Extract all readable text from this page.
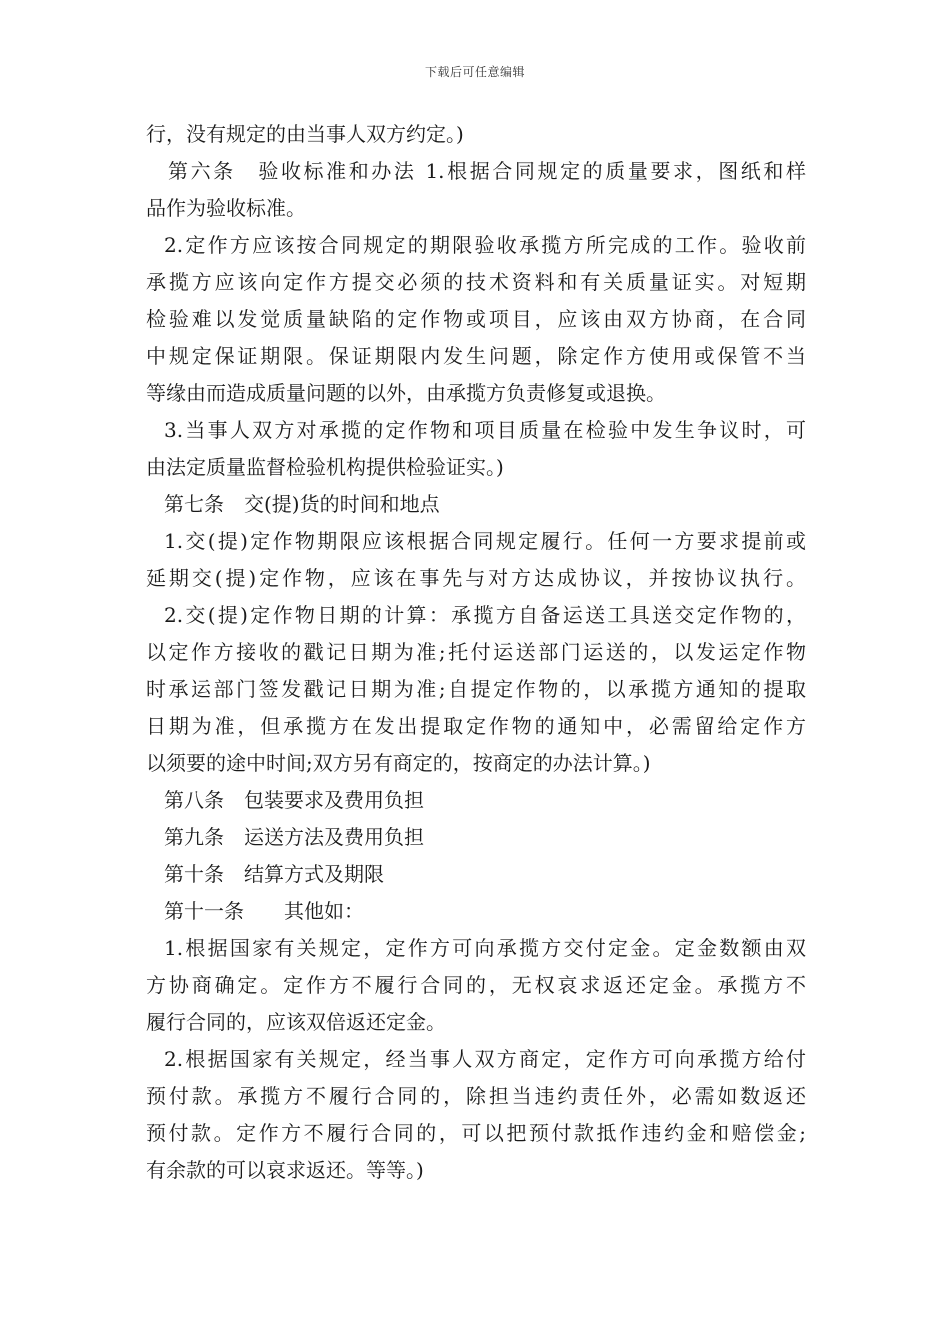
下载后可任意编辑
行，没有规定的由当事人双方约定。)
第六条　验收标准和办法 1.根据合同规定的质量要求，图纸和样
品作为验收标准。
2.定作方应该按合同规定的期限验收承揽方所完成的工作。验收前
承揽方应该向定作方提交必须的技术资料和有关质量证实。对短期
检验难以发觉质量缺陷的定作物或项目，应该由双方协商，在合同
中规定保证期限。保证期限内发生问题，除定作方使用或保管不当
等缘由而造成质量问题的以外，由承揽方负责修复或退换。
3.当事人双方对承揽的定作物和项目质量在检验中发生争议时，可
由法定质量监督检验机构提供检验证实。)
第七条　交(提)货的时间和地点
1.交(提)定作物期限应该根据合同规定履行。任何一方要求提前或
延期交(提)定作物，应该在事先与对方达成协议，并按协议执行。
2.交(提)定作物日期的计算：承揽方自备运送工具送交定作物的，
以定作方接收的戳记日期为准;托付运送部门运送的，以发运定作物
时承运部门签发戳记日期为准;自提定作物的，以承揽方通知的提取
日期为准，但承揽方在发出提取定作物的通知中，必需留给定作方
以须要的途中时间;双方另有商定的，按商定的办法计算。)
第八条　包装要求及费用负担
第九条　运送方法及费用负担
第十条　结算方式及期限
第十一条　　其他如：
1.根据国家有关规定，定作方可向承揽方交付定金。定金数额由双
方协商确定。定作方不履行合同的，无权哀求返还定金。承揽方不
履行合同的，应该双倍返还定金。
2.根据国家有关规定，经当事人双方商定，定作方可向承揽方给付
预付款。承揽方不履行合同的，除担当违约责任外，必需如数返还
预付款。定作方不履行合同的，可以把预付款抵作违约金和赔偿金;
有余款的可以哀求返还。等等。)
